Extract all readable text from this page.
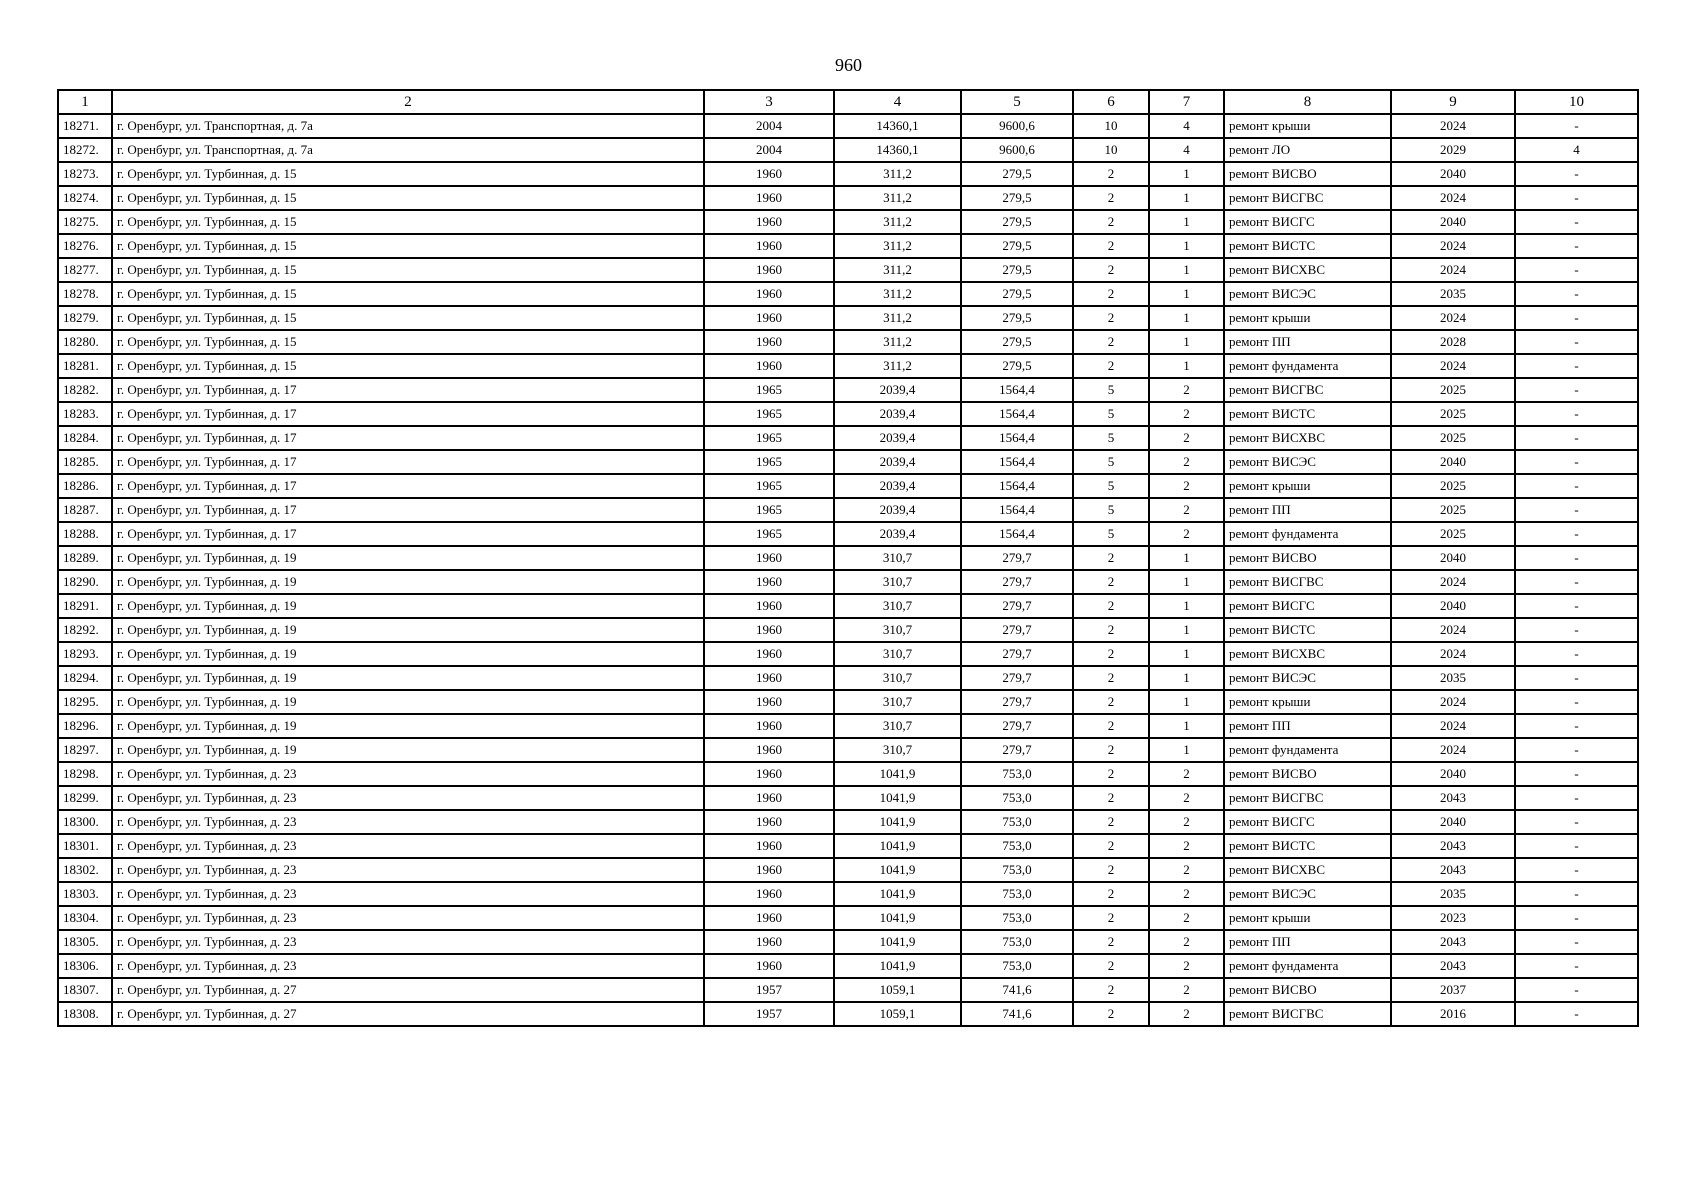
960
1	2	3	4	5	6	7	8	9	10
18271.	г. Оренбург, ул. Транспортная, д. 7а	2004	14360,1	9600,6	10	4	ремонт крыши	2024	-
18272.	г. Оренбург, ул. Транспортная, д. 7а	2004	14360,1	9600,6	10	4	ремонт ЛО	2029	4
18273.	г. Оренбург, ул. Турбинная, д. 15	1960	311,2	279,5	2	1	ремонт ВИСВО	2040	-
18274.	г. Оренбург, ул. Турбинная, д. 15	1960	311,2	279,5	2	1	ремонт ВИСГВС	2024	-
18275.	г. Оренбург, ул. Турбинная, д. 15	1960	311,2	279,5	2	1	ремонт ВИСГС	2040	-
18276.	г. Оренбург, ул. Турбинная, д. 15	1960	311,2	279,5	2	1	ремонт ВИСТС	2024	-
18277.	г. Оренбург, ул. Турбинная, д. 15	1960	311,2	279,5	2	1	ремонт ВИСХВС	2024	-
18278.	г. Оренбург, ул. Турбинная, д. 15	1960	311,2	279,5	2	1	ремонт ВИСЭС	2035	-
18279.	г. Оренбург, ул. Турбинная, д. 15	1960	311,2	279,5	2	1	ремонт крыши	2024	-
18280.	г. Оренбург, ул. Турбинная, д. 15	1960	311,2	279,5	2	1	ремонт ПП	2028	-
18281.	г. Оренбург, ул. Турбинная, д. 15	1960	311,2	279,5	2	1	ремонт фундамента	2024	-
18282.	г. Оренбург, ул. Турбинная, д. 17	1965	2039,4	1564,4	5	2	ремонт ВИСГВС	2025	-
18283.	г. Оренбург, ул. Турбинная, д. 17	1965	2039,4	1564,4	5	2	ремонт ВИСТС	2025	-
18284.	г. Оренбург, ул. Турбинная, д. 17	1965	2039,4	1564,4	5	2	ремонт ВИСХВС	2025	-
18285.	г. Оренбург, ул. Турбинная, д. 17	1965	2039,4	1564,4	5	2	ремонт ВИСЭС	2040	-
18286.	г. Оренбург, ул. Турбинная, д. 17	1965	2039,4	1564,4	5	2	ремонт крыши	2025	-
18287.	г. Оренбург, ул. Турбинная, д. 17	1965	2039,4	1564,4	5	2	ремонт ПП	2025	-
18288.	г. Оренбург, ул. Турбинная, д. 17	1965	2039,4	1564,4	5	2	ремонт фундамента	2025	-
18289.	г. Оренбург, ул. Турбинная, д. 19	1960	310,7	279,7	2	1	ремонт ВИСВО	2040	-
18290.	г. Оренбург, ул. Турбинная, д. 19	1960	310,7	279,7	2	1	ремонт ВИСГВС	2024	-
18291.	г. Оренбург, ул. Турбинная, д. 19	1960	310,7	279,7	2	1	ремонт ВИСГС	2040	-
18292.	г. Оренбург, ул. Турбинная, д. 19	1960	310,7	279,7	2	1	ремонт ВИСТС	2024	-
18293.	г. Оренбург, ул. Турбинная, д. 19	1960	310,7	279,7	2	1	ремонт ВИСХВС	2024	-
18294.	г. Оренбург, ул. Турбинная, д. 19	1960	310,7	279,7	2	1	ремонт ВИСЭС	2035	-
18295.	г. Оренбург, ул. Турбинная, д. 19	1960	310,7	279,7	2	1	ремонт крыши	2024	-
18296.	г. Оренбург, ул. Турбинная, д. 19	1960	310,7	279,7	2	1	ремонт ПП	2024	-
18297.	г. Оренбург, ул. Турбинная, д. 19	1960	310,7	279,7	2	1	ремонт фундамента	2024	-
18298.	г. Оренбург, ул. Турбинная, д. 23	1960	1041,9	753,0	2	2	ремонт ВИСВО	2040	-
18299.	г. Оренбург, ул. Турбинная, д. 23	1960	1041,9	753,0	2	2	ремонт ВИСГВС	2043	-
18300.	г. Оренбург, ул. Турбинная, д. 23	1960	1041,9	753,0	2	2	ремонт ВИСГС	2040	-
18301.	г. Оренбург, ул. Турбинная, д. 23	1960	1041,9	753,0	2	2	ремонт ВИСТС	2043	-
18302.	г. Оренбург, ул. Турбинная, д. 23	1960	1041,9	753,0	2	2	ремонт ВИСХВС	2043	-
18303.	г. Оренбург, ул. Турбинная, д. 23	1960	1041,9	753,0	2	2	ремонт ВИСЭС	2035	-
18304.	г. Оренбург, ул. Турбинная, д. 23	1960	1041,9	753,0	2	2	ремонт крыши	2023	-
18305.	г. Оренбург, ул. Турбинная, д. 23	1960	1041,9	753,0	2	2	ремонт ПП	2043	-
18306.	г. Оренбург, ул. Турбинная, д. 23	1960	1041,9	753,0	2	2	ремонт фундамента	2043	-
18307.	г. Оренбург, ул. Турбинная, д. 27	1957	1059,1	741,6	2	2	ремонт ВИСВО	2037	-
18308.	г. Оренбург, ул. Турбинная, д. 27	1957	1059,1	741,6	2	2	ремонт ВИСГВС	2016	-
